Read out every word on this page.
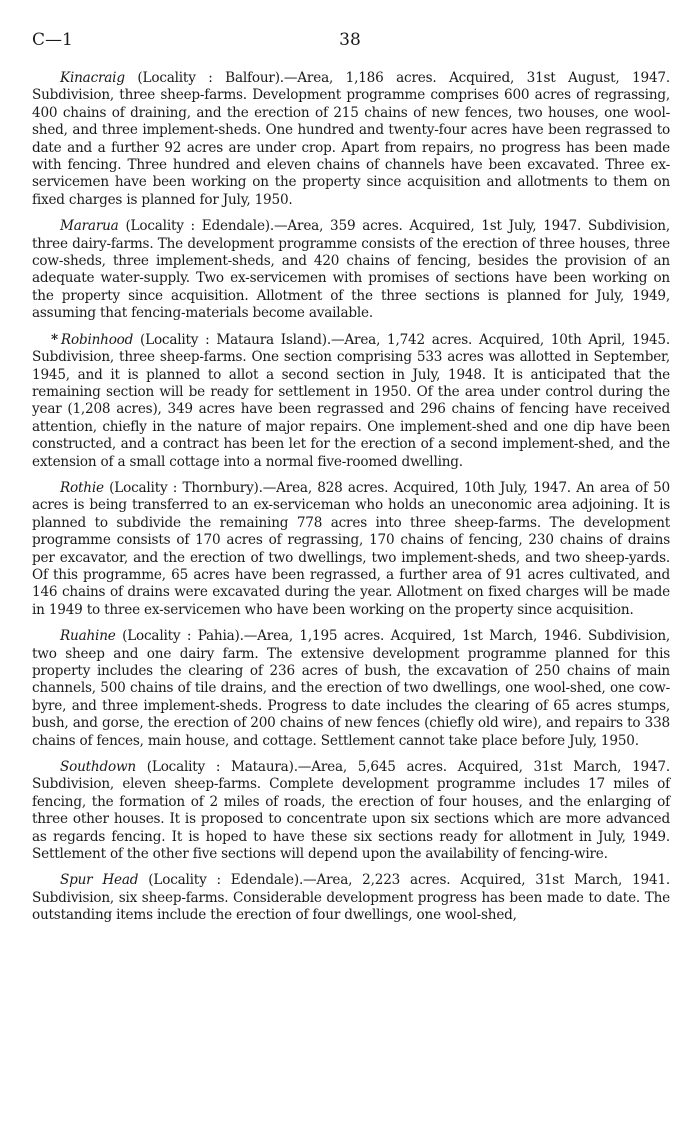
C—1	38

Kinacraig (Locality : Balfour).—Area, 1,186 acres. Acquired, 31st August, 1947. Subdivision, three sheep-farms. Development programme comprises 600 acres of regrassing, 400 chains of draining, and the erection of 215 chains of new fences, two houses, one wool-shed, and three implement-sheds. One hundred and twenty-four acres have been regrassed to date and a further 92 acres are under crop. Apart from repairs, no progress has been made with fencing. Three hundred and eleven chains of channels have been excavated. Three ex-servicemen have been working on the property since acquisition and allotments to them on fixed charges is planned for July, 1950.

Mararua (Locality : Edendale).—Area, 359 acres. Acquired, 1st July, 1947. Subdivision, three dairy-farms. The development programme consists of the erection of three houses, three cow-sheds, three implement-sheds, and 420 chains of fencing, besides the provision of an adequate water-supply. Two ex-servicemen with promises of sections have been working on the property since acquisition. Allotment of the three sections is planned for July, 1949, assuming that fencing-materials become available.

* Robinhood (Locality : Mataura Island).—Area, 1,742 acres. Acquired, 10th April, 1945. Subdivision, three sheep-farms. One section comprising 533 acres was allotted in September, 1945, and it is planned to allot a second section in July, 1948. It is anticipated that the remaining section will be ready for settlement in 1950. Of the area under control during the year (1,208 acres), 349 acres have been regrassed and 296 chains of fencing have received attention, chiefly in the nature of major repairs. One implement-shed and one dip have been constructed, and a contract has been let for the erection of a second implement-shed, and the extension of a small cottage into a normal five-roomed dwelling.

Rothie (Locality : Thornbury).—Area, 828 acres. Acquired, 10th July, 1947. An area of 50 acres is being transferred to an ex-serviceman who holds an uneconomic area adjoining. It is planned to subdivide the remaining 778 acres into three sheep-farms. The development programme consists of 170 acres of regrassing, 170 chains of fencing, 230 chains of drains per excavator, and the erection of two dwellings, two implement-sheds, and two sheep-yards. Of this programme, 65 acres have been regrassed, a further area of 91 acres cultivated, and 146 chains of drains were excavated during the year. Allotment on fixed charges will be made in 1949 to three ex-servicemen who have been working on the property since acquisition.

Ruahine (Locality : Pahia).—Area, 1,195 acres. Acquired, 1st March, 1946. Subdivision, two sheep and one dairy farm. The extensive development programme planned for this property includes the clearing of 236 acres of bush, the excavation of 250 chains of main channels, 500 chains of tile drains, and the erection of two dwellings, one wool-shed, one cow-byre, and three implement-sheds. Progress to date includes the clearing of 65 acres stumps, bush, and gorse, the erection of 200 chains of new fences (chiefly old wire), and repairs to 338 chains of fences, main house, and cottage. Settlement cannot take place before July, 1950.

Southdown (Locality : Mataura).—Area, 5,645 acres. Acquired, 31st March, 1947. Subdivision, eleven sheep-farms. Complete development programme includes 17 miles of fencing, the formation of 2 miles of roads, the erection of four houses, and the enlarging of three other houses. It is proposed to concentrate upon six sections which are more advanced as regards fencing. It is hoped to have these six sections ready for allotment in July, 1949. Settlement of the other five sections will depend upon the availability of fencing-wire.

Spur Head (Locality : Edendale).—Area, 2,223 acres. Acquired, 31st March, 1941. Subdivision, six sheep-farms. Considerable development progress has been made to date. The outstanding items include the erection of four dwellings, one wool-shed,
